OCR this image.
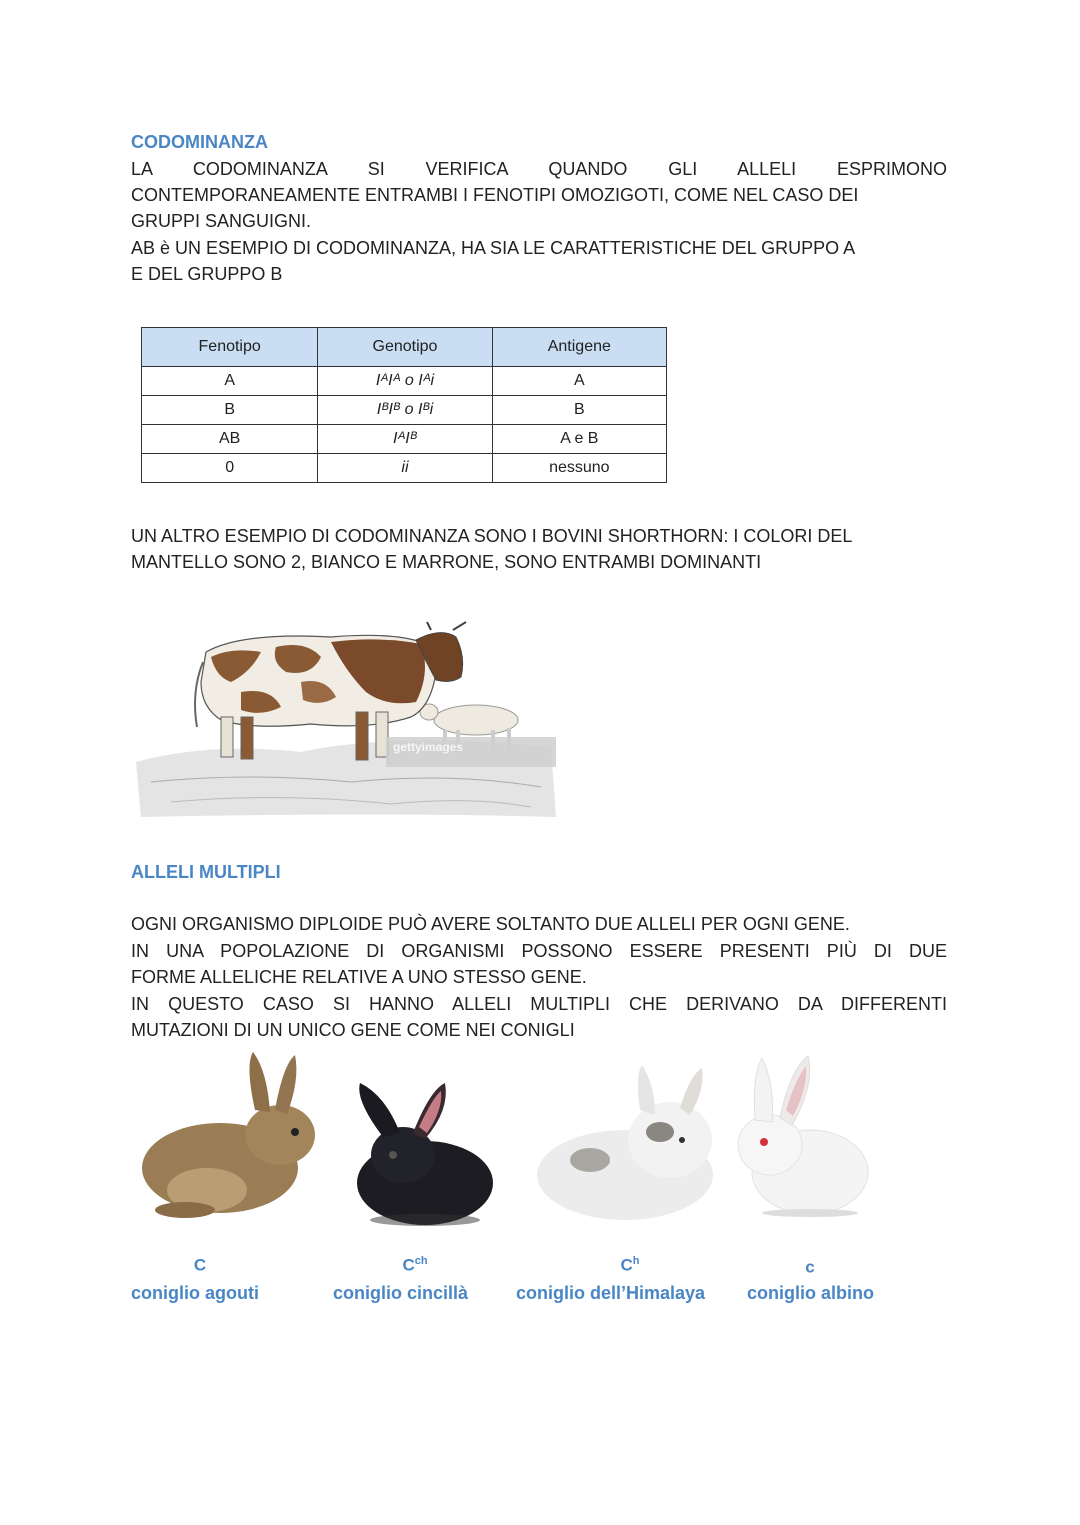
CODOMINANZA
LA CODOMINANZA SI VERIFICA QUANDO GLI ALLELI ESPRIMONO
CONTEMPORANEAMENTE ENTRAMBI I FENOTIPI OMOZIGOTI, COME NEL CASO DEI
GRUPPI SANGUIGNI.
AB è UN ESEMPIO DI CODOMINANZA, HA SIA LE CARATTERISTICHE DEL GRUPPO A
E DEL GRUPPO B
Fenotipo	Genotipo	Antigene
A	IᴬIᴬ o Iᴬi	A
B	IᴮIᴮ o Iᴮi	B
AB	IᴬIᴮ	A e B
0	ii	nessuno
UN ALTRO ESEMPIO DI CODOMINANZA SONO I BOVINI SHORTHORN: I COLORI DEL
MANTELLO SONO 2, BIANCO E MARRONE, SONO ENTRAMBI DOMINANTI
gettyimages
ALLELI MULTIPLI
OGNI ORGANISMO DIPLOIDE PUÒ AVERE SOLTANTO DUE ALLELI PER OGNI GENE.
IN UNA POPOLAZIONE DI ORGANISMI POSSONO ESSERE PRESENTI PIÙ DI DUE
FORME ALLELICHE RELATIVE A UNO STESSO GENE.
IN QUESTO CASO SI HANNO ALLELI MULTIPLI CHE DERIVANO DA DIFFERENTI
MUTAZIONI DI UN UNICO GENE COME NEI CONIGLI
C
coniglio agouti
$C^{ch}$
coniglio cincillà
$C^h$
coniglio dell’Himalaya
c
coniglio albino
